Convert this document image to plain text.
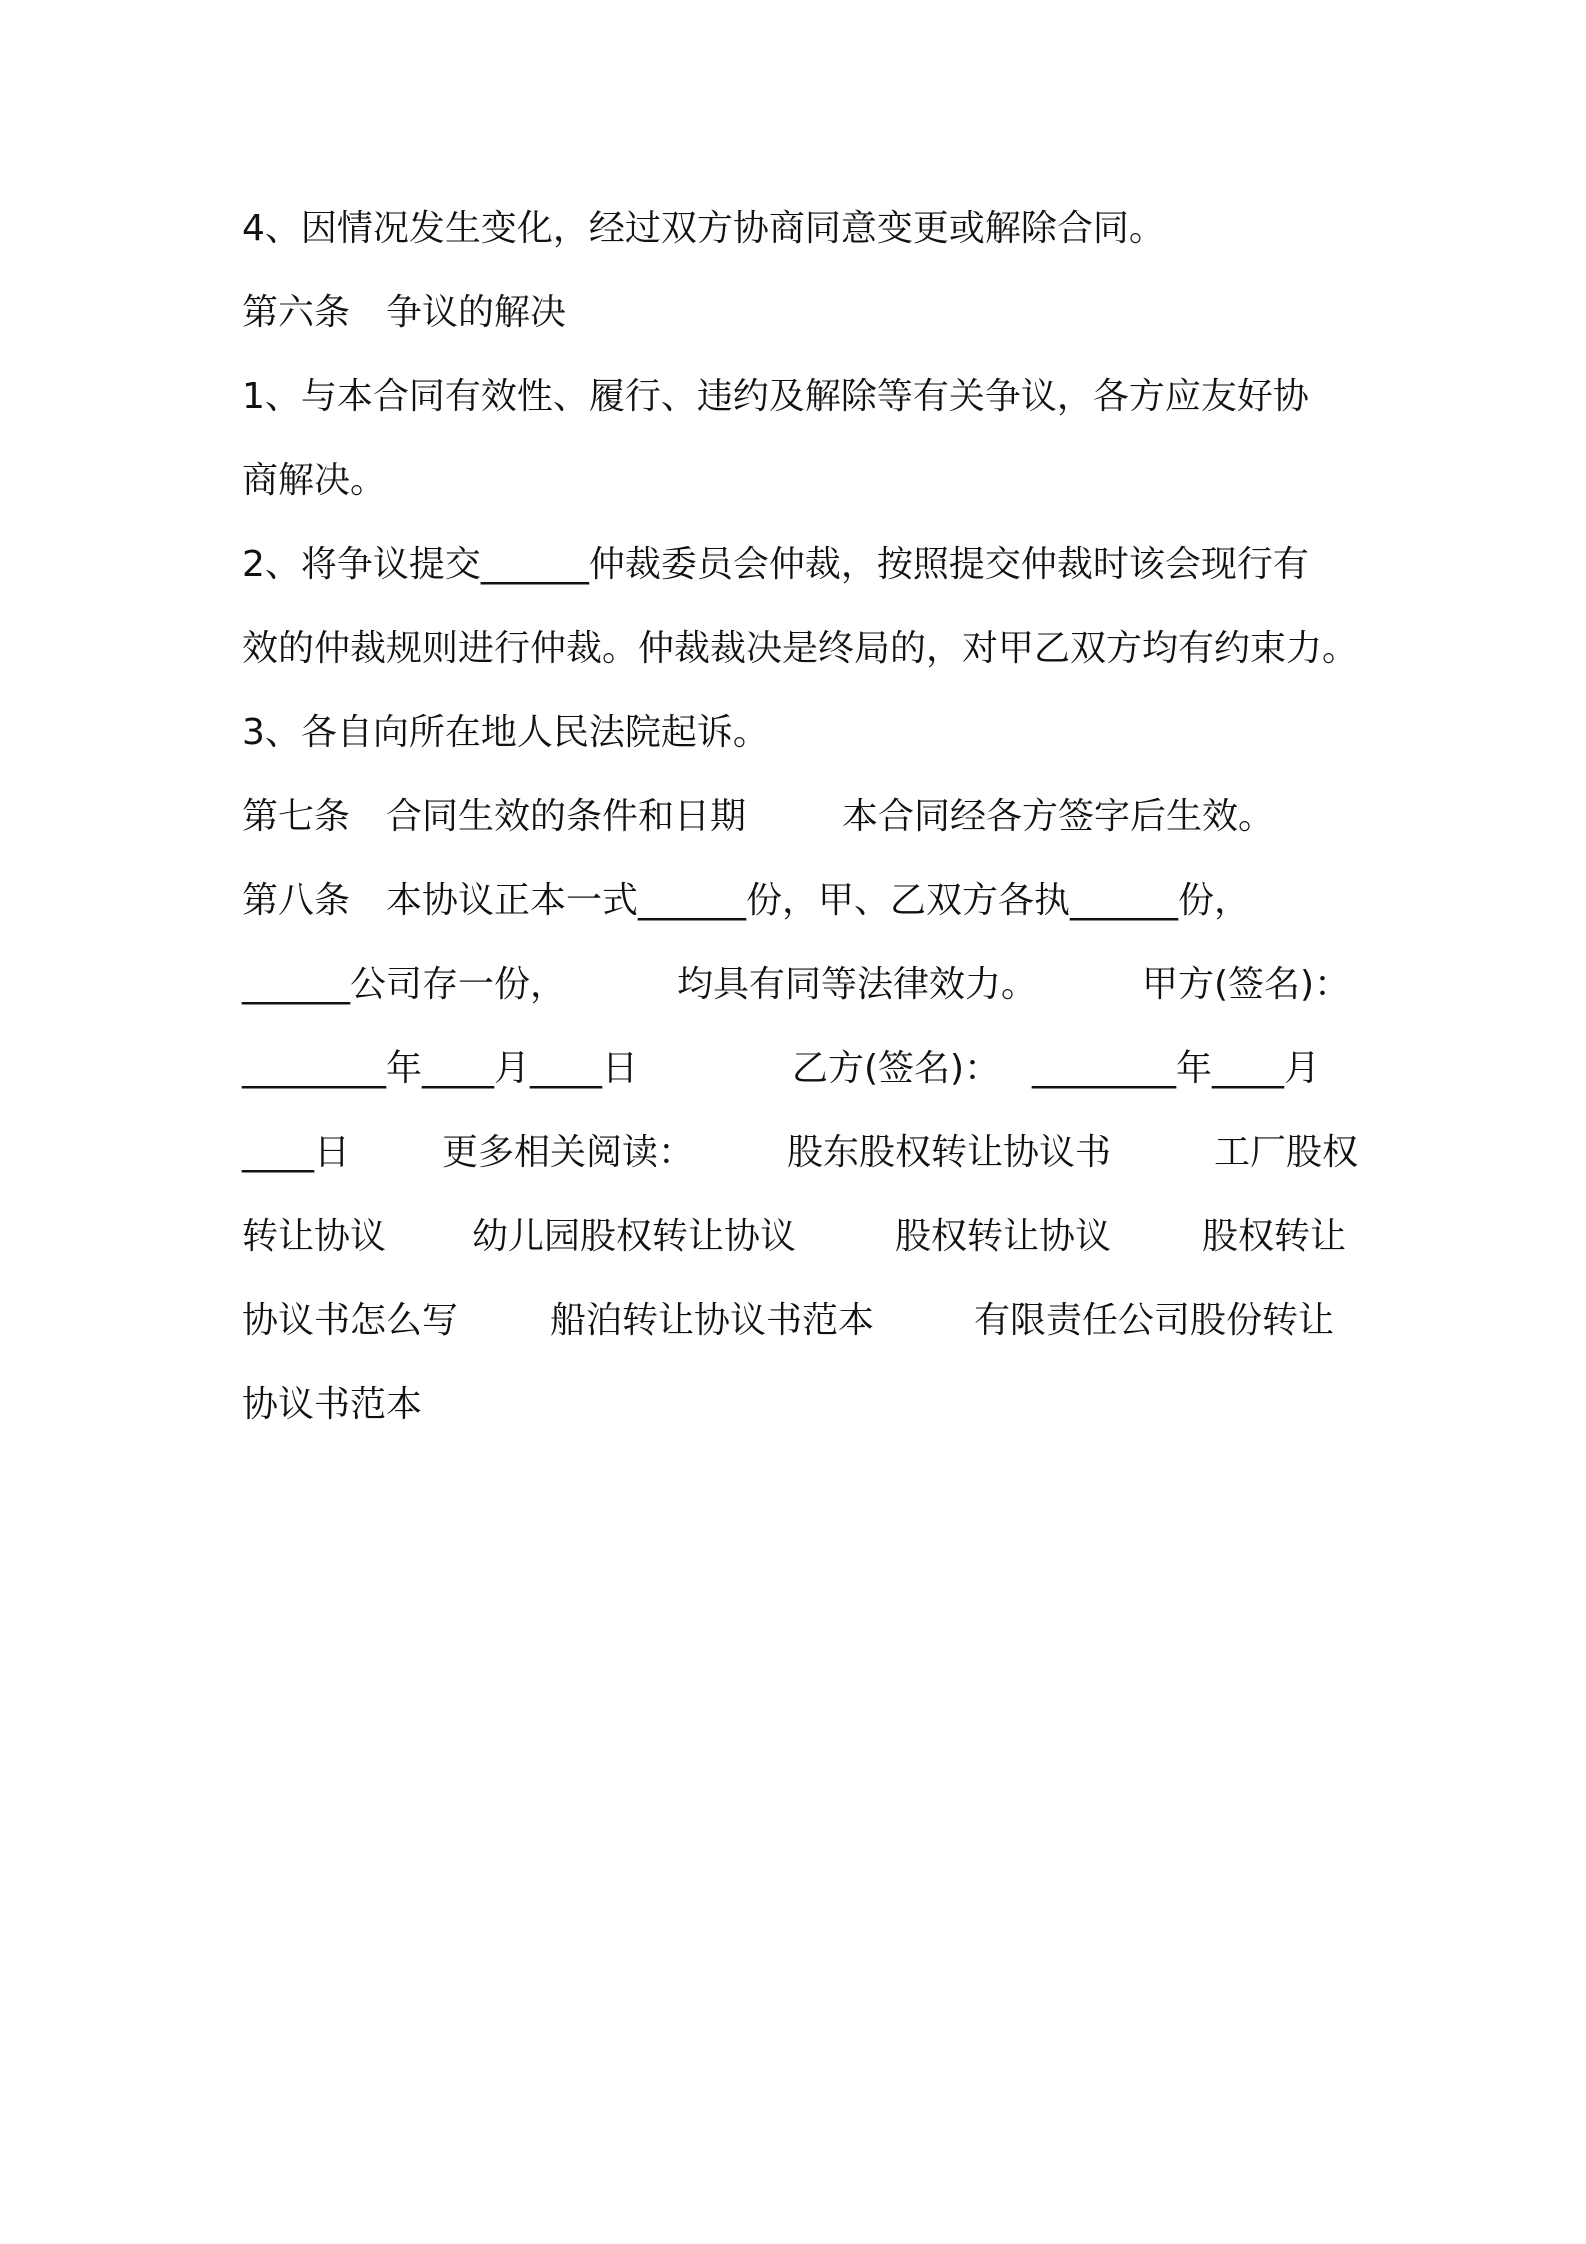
4、因情况发生变化，经过双方协商同意变更或解除合同。
第六条　争议的解决
1、与本合同有效性、履行、违约及解除等有关争议，各方应友好协
商解决。
2、将争议提交______仲裁委员会仲裁，按照提交仲裁时该会现行有
效的仲裁规则进行仲裁。仲裁裁决是终局的，对甲乙双方均有约束力。
3、各自向所在地人民法院起诉。

第七条　合同生效的条件和日期

	本合同经各方签字后生效。

第八条　本协议正本一式______份，甲、乙双方各执______份，

______公司存一份，

	均具有同等法律效力。

	甲方(签名)：

________年____月____日

	乙方(签名)：

________年____月

____日

	更多相关阅读：

	股东股权转让协议书

	工厂股权

转让协议

幼儿园股权转让协议

	股权转让协议

	股权转让

协议书怎么写

	船泊转让协议书范本

	有限责任公司股份转让

协议书范本
